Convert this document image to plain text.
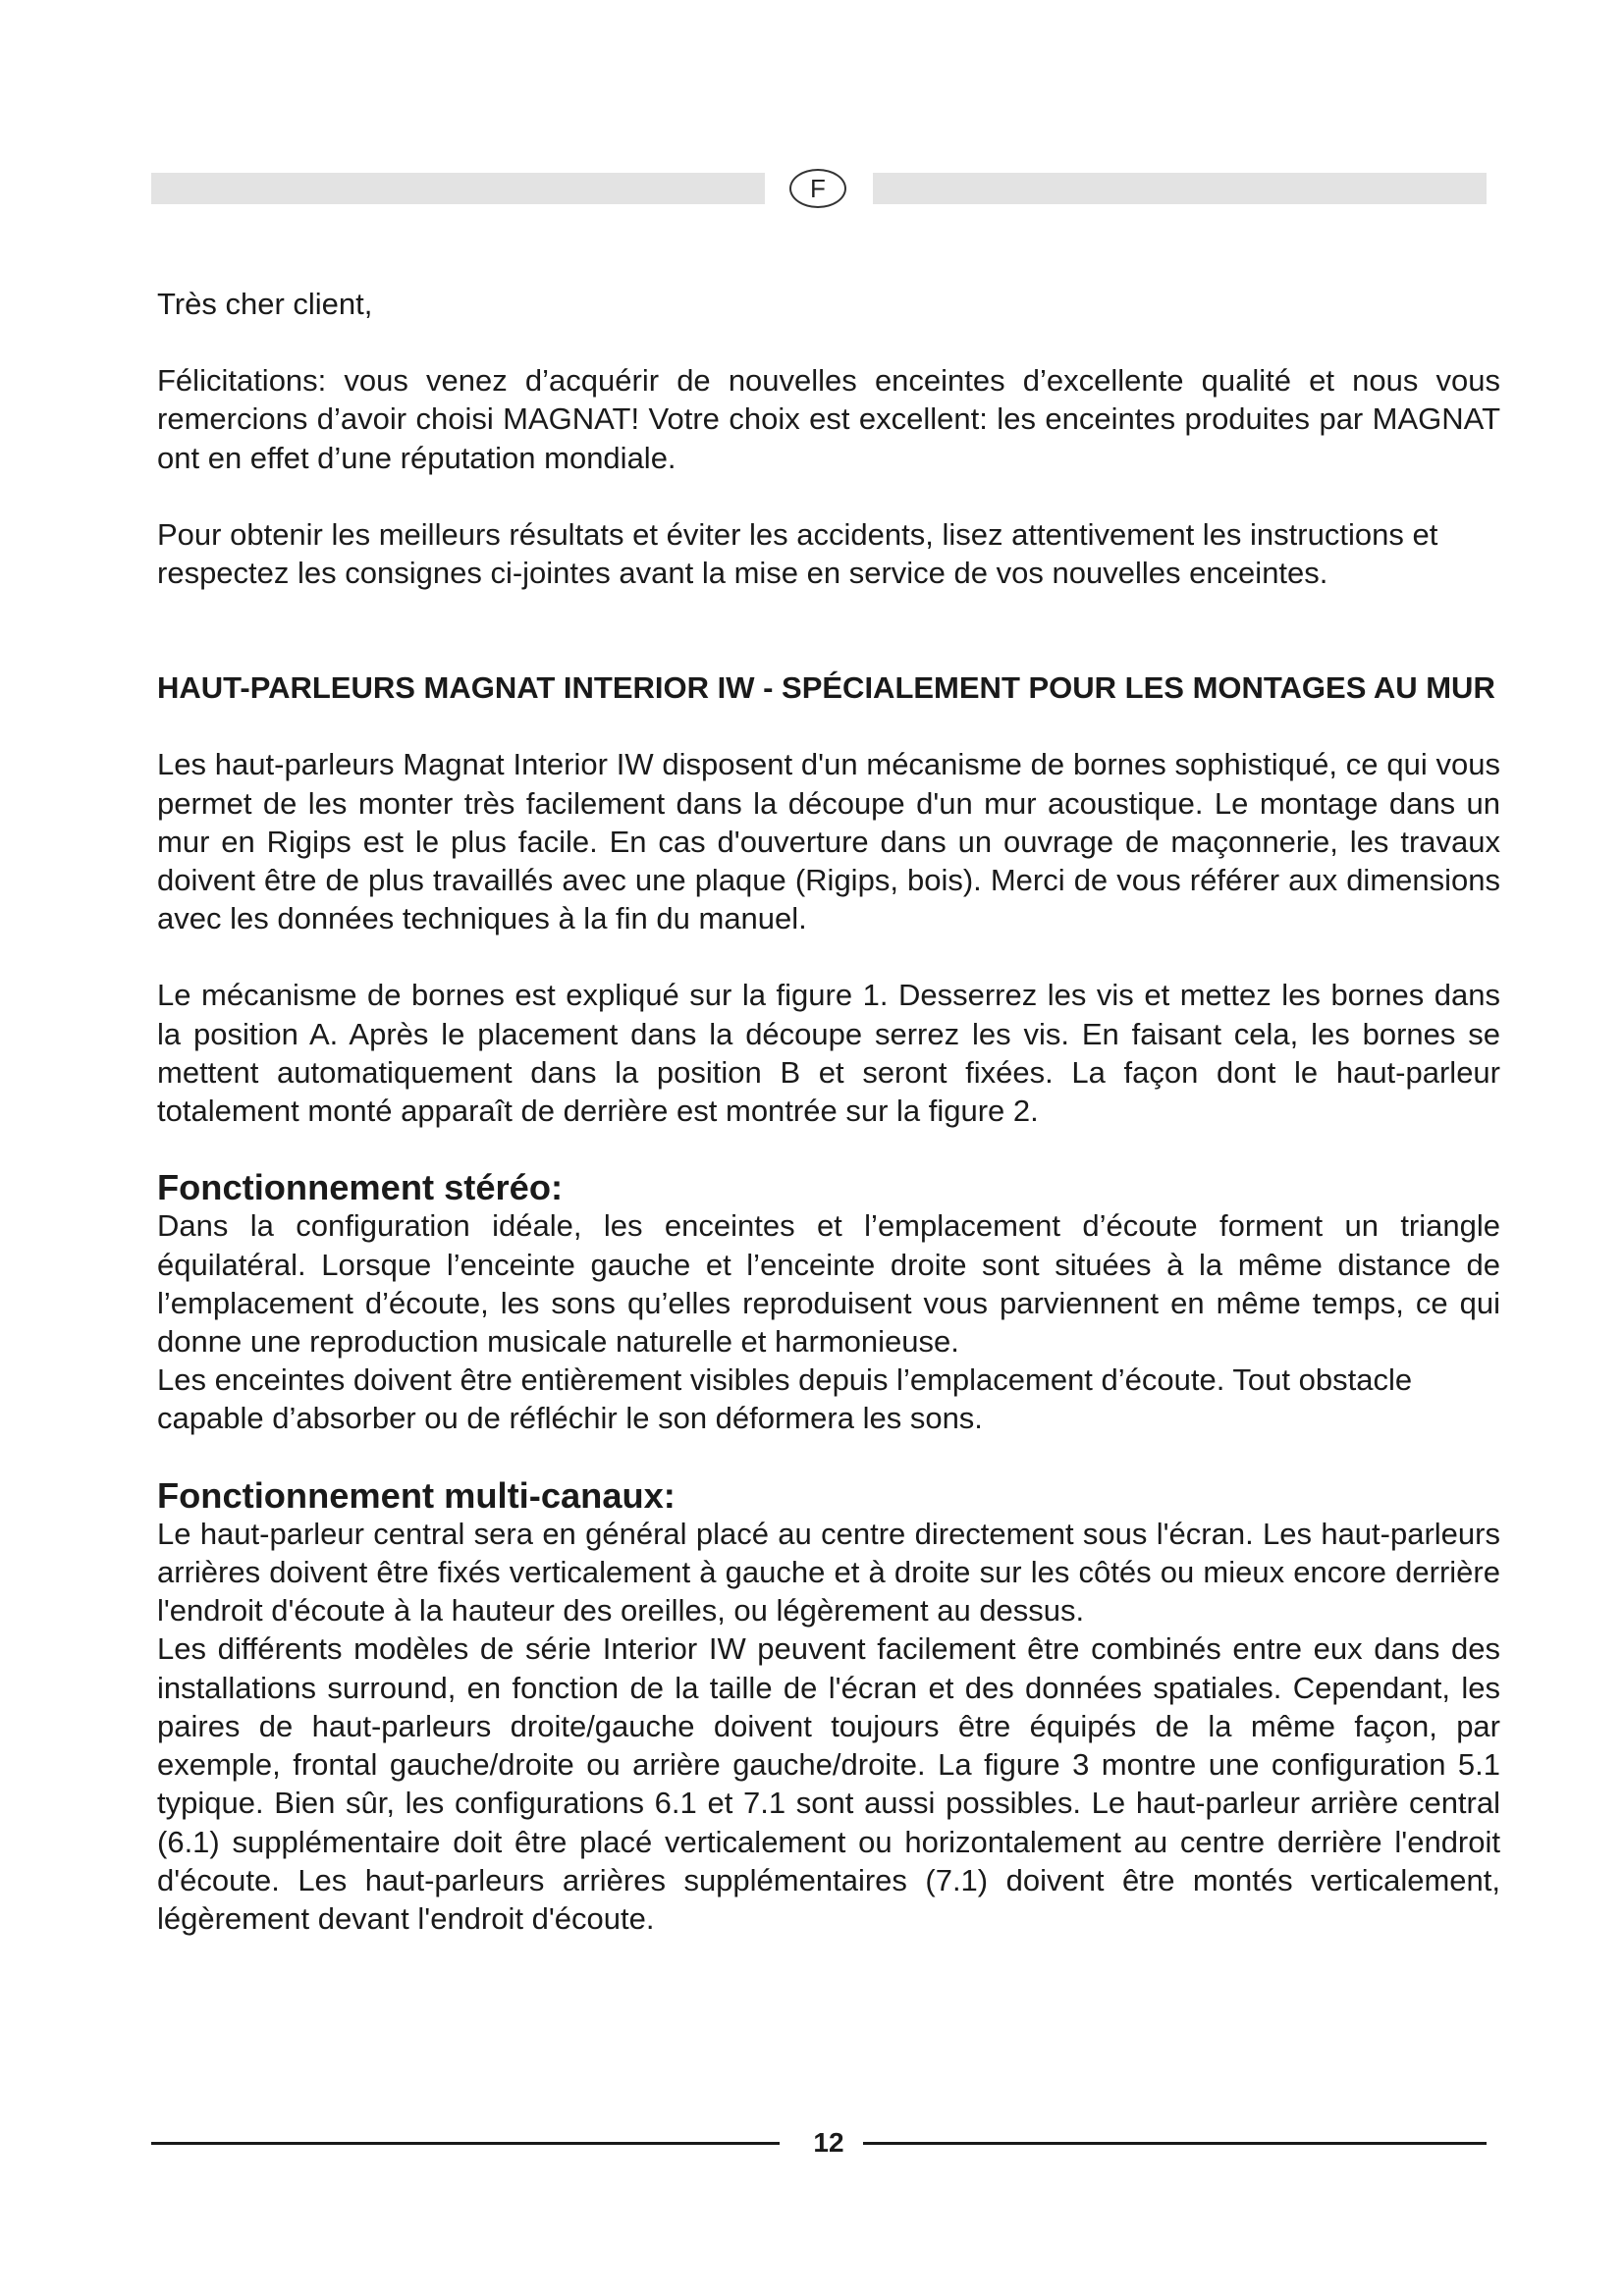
F

Très cher client,

Félicitations: vous venez d’acquérir de nouvelles enceintes d’excellente qualité et nous vous remercions d’avoir choisi MAGNAT! Votre choix est excellent: les enceintes produites par MAGNAT ont en effet d’une réputation mondiale.

Pour obtenir les meilleurs résultats et éviter les accidents, lisez attentivement les instructions et respectez les consignes ci-jointes avant la mise en service de vos nouvelles enceintes.

HAUT-PARLEURS MAGNAT INTERIOR IW - SPÉCIALEMENT POUR LES MONTAGES AU MUR

Les haut-parleurs Magnat Interior IW disposent d'un mécanisme de bornes sophistiqué, ce qui vous permet de les monter très facilement dans la découpe d'un mur acoustique. Le montage dans un mur en Rigips est le plus facile. En cas d'ouverture dans un ouvrage de maçonnerie, les travaux doivent être de plus travaillés avec une plaque (Rigips, bois). Merci de vous référer aux dimensions avec les données techniques à la fin du manuel.

Le mécanisme de bornes est expliqué sur la figure 1. Desserrez les vis et mettez les bornes dans la position A. Après le placement dans la découpe serrez les vis. En faisant cela, les bornes se mettent automatiquement dans la position B et seront fixées. La façon dont le haut-parleur totalement monté apparaît de derrière est montrée sur la figure 2.

Fonctionnement stéréo:

Dans la configuration idéale, les enceintes et l’emplacement d’écoute forment un triangle équilatéral. Lorsque l’enceinte gauche et l’enceinte droite sont situées à la même distance de l’emplacement d’écoute, les sons qu’elles reproduisent vous parviennent en même temps, ce qui donne une reproduction musicale naturelle et harmonieuse.

Les enceintes doivent être entièrement visibles depuis l’emplacement d’écoute. Tout obstacle capable d’absorber ou de réfléchir le son déformera les sons.

Fonctionnement multi-canaux:

Le haut-parleur central sera en général placé au centre directement sous l'écran. Les haut-parleurs arrières doivent être fixés verticalement à gauche et à droite sur les côtés ou mieux encore derrière l'endroit d'écoute à la hauteur des oreilles, ou légèrement au dessus.

Les différents modèles de série Interior IW peuvent facilement être combinés entre eux dans des installations surround, en fonction de la taille de l'écran et des données spatiales. Cependant, les paires de haut-parleurs droite/gauche doivent toujours être équipés de la même façon, par exemple, frontal gauche/droite ou arrière gauche/droite. La figure 3 montre une configuration 5.1 typique. Bien sûr, les configurations 6.1 et 7.1 sont aussi possibles. Le haut-parleur arrière central (6.1) supplémentaire doit être placé verticalement ou horizontalement au centre derrière l'endroit d'écoute. Les haut-parleurs arrières supplémentaires (7.1) doivent être montés verticalement, légèrement devant l'endroit d'écoute.

12
